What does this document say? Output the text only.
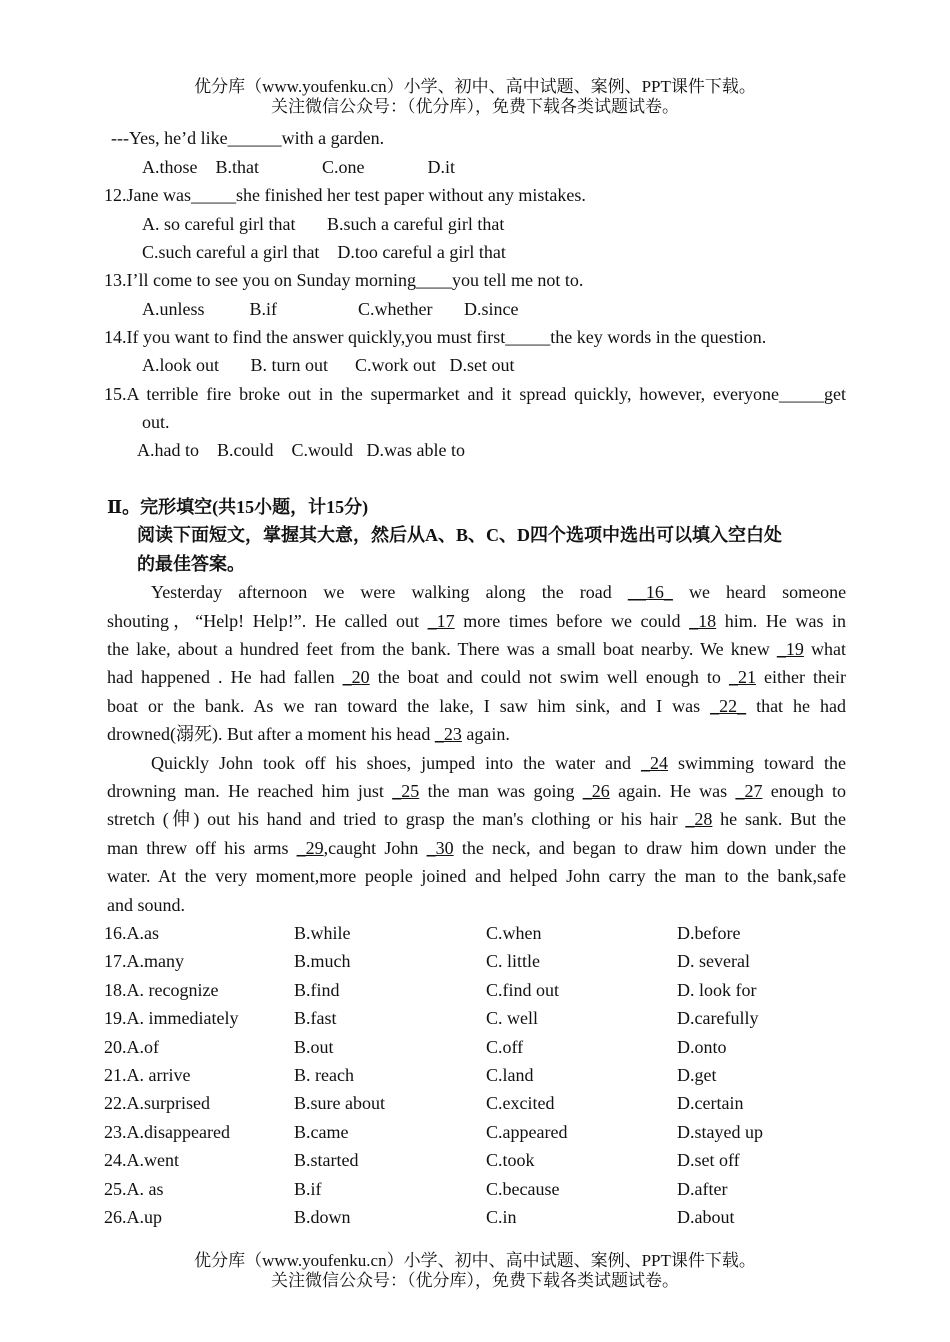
优分库（www.youfenku.cn）小学、初中、高中试题、案例、PPT课件下载。
关注微信公众号：（优分库），免费下载各类试题试卷。
---Yes, he’d like______with a garden.
A.those    B.that              C.one              D.it
12.Jane was_____she finished her test paper without any mistakes.
A. so careful girl that       B.such a careful girl that
C.such careful a girl that    D.too careful a girl that
13.I’ll come to see you on Sunday morning____you tell me not to.
A.unless          B.if                  C.whether       D.since
14.If you want to find the answer quickly,you must first_____the key words in the question.
A.look out       B. turn out      C.work out   D.set out
15.A terrible fire broke out in the supermarket and it spread quickly, however, everyone_____get
out.
A.had to    B.could    C.would   D.was able to
Ⅱ。完形填空(共15小题，计15分)
阅读下面短文，掌握其大意，然后从A、B、C、D四个选项中选出可以填入空白处
的最佳答案。
Yesterday afternoon we were walking along the road __16_ we heard someone
shouting，“Help! Help!”. He called out _17 more times before we could _18 him. He was in
the lake, about a hundred feet from the bank. There was a small boat nearby. We knew _19 what
had happened . He had fallen _20 the boat and could not swim well enough to _21 either their
boat or the bank. As we ran toward the lake, I saw him sink, and I was _22_ that he had
drowned(溺死). But after a moment his head _23 again.
Quickly John took off his shoes, jumped into the water and _24 swimming toward the
drowning man. He reached him just _25 the man was going _26 again. He was _27 enough to
stretch (伸) out his hand and tried to grasp the man's clothing or his hair _28 he sank. But the
man threw off his arms _29,caught John _30 the neck, and began to draw him down under the
water. At the very moment,more people joined and helped John carry the man to the bank,safe
and sound.
16.A.as	B.while	C.when	D.before
17.A.many	B.much	C. little	D. several
18.A. recognize	B.find	C.find out	D. look for
19.A. immediately	B.fast	C. well	D.carefully
20.A.of	B.out	C.off	D.onto
21.A. arrive	B. reach	C.land	D.get
22.A.surprised	B.sure about	C.excited	D.certain
23.A.disappeared	B.came	C.appeared	D.stayed up
24.A.went	B.started	C.took	D.set off
25.A. as	B.if	C.because	D.after
26.A.up	B.down	C.in	D.about
优分库（www.youfenku.cn）小学、初中、高中试题、案例、PPT课件下载。
关注微信公众号：（优分库），免费下载各类试题试卷。
